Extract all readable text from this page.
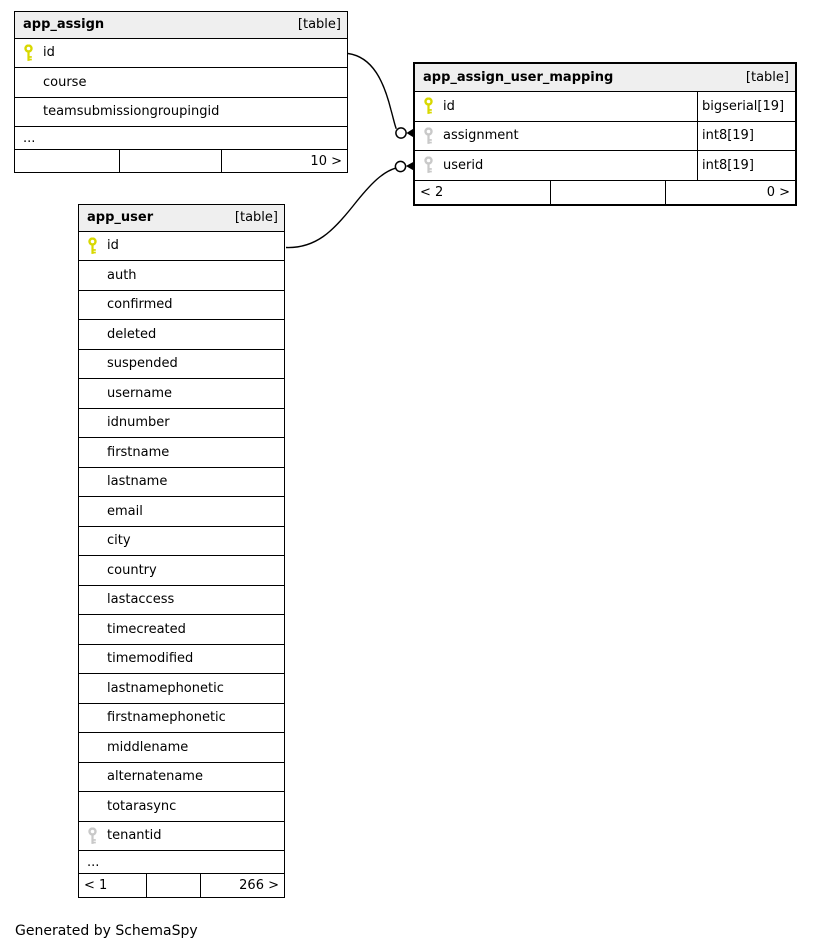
app_assign	[table]
id
course
teamsubmissiongroupingid
...
10 >
app_assign_user_mapping	[table]
id	bigserial[19]
assignment	int8[19]
userid	int8[19]
< 2	0 >
app_user	[table]
id
auth
confirmed
deleted
suspended
username
idnumber
firstname
lastname
email
city
country
lastaccess
timecreated
timemodified
lastnamephonetic
firstnamephonetic
middlename
alternatename
totarasync
tenantid
...
< 1	266 >
Generated by SchemaSpy
